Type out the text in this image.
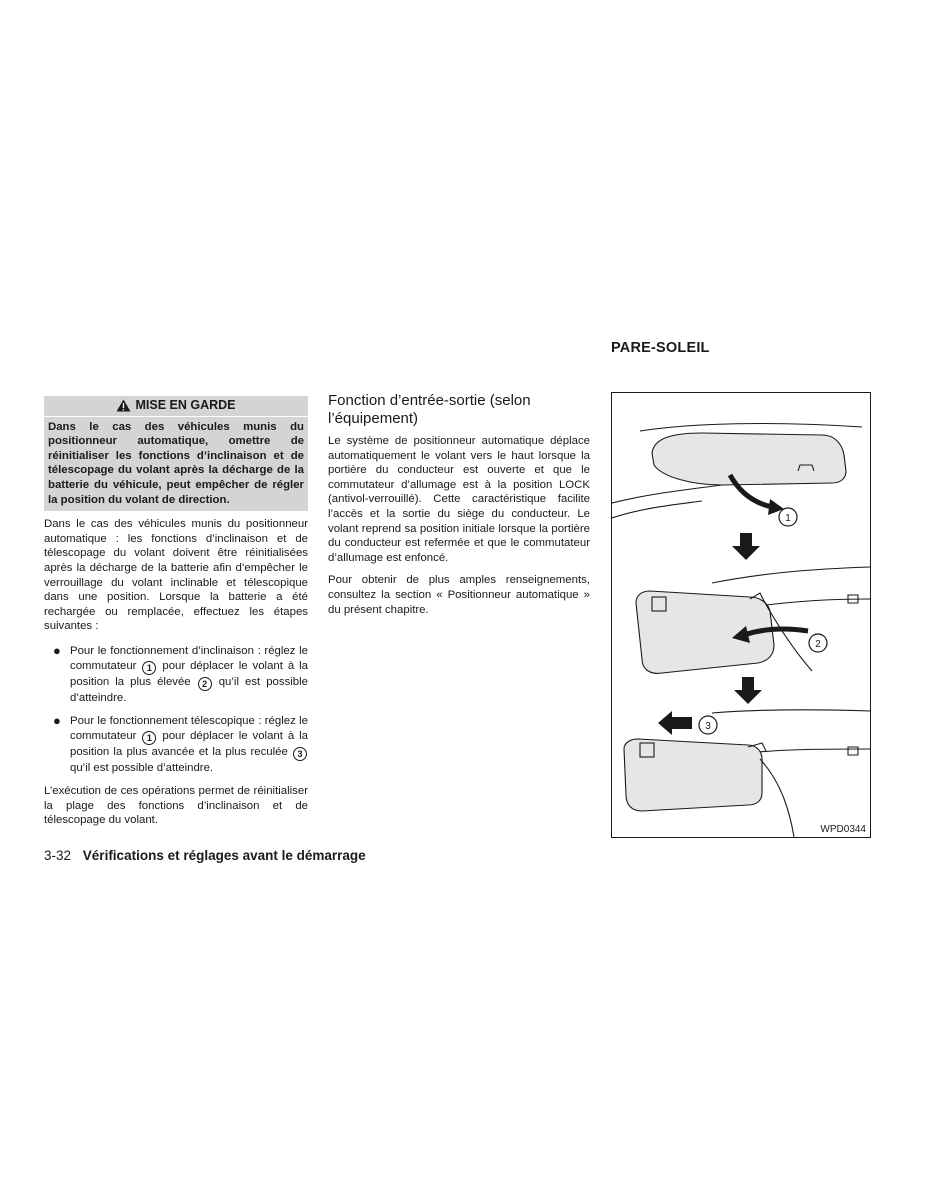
PARE-SOLEIL
MISE EN GARDE
Dans le cas des véhicules munis du positionneur automatique, omettre de réinitialiser les fonctions d’inclinaison et de télescopage du volant après la décharge de la batterie du véhicule, peut empêcher de régler la position du volant de direction.

Dans le cas des véhicules munis du positionneur automatique : les fonctions d’inclinaison et de télescopage du volant doivent être réinitialisées après la décharge de la batterie afin d’empêcher le verrouillage du volant inclinable et télescopique dans une position. Lorsque la batterie a été rechargée ou remplacée, effectuez les étapes suivantes :

● Pour le fonctionnement d’inclinaison : réglez le commutateur 1 pour déplacer le volant à la position la plus élevée 2 qu’il est possible d’atteindre.
● Pour le fonctionnement télescopique : réglez le commutateur 1 pour déplacer le volant à la position la plus avancée et la plus reculée 3 qu’il est possible d’atteindre.

L’exécution de ces opérations permet de réinitialiser la plage des fonctions d’inclinaison et de télescopage du volant.

Fonction d’entrée-sortie (selon l’équipement)

Le système de positionneur automatique déplace automatiquement le volant vers le haut lorsque la portière du conducteur est ouverte et que le commutateur d’allumage est à la position LOCK (antivol-verrouillé). Cette caractéristique facilite l’accès et la sortie du siège du conducteur. Le volant reprend sa position initiale lorsque la portière du conducteur est refermée et que le commutateur d’allumage est enfoncé.

Pour obtenir de plus amples renseignements, consultez la section « Positionneur automatique » du présent chapitre.

1
2
3
WPD0344
3-32 Vérifications et réglages avant le démarrage
